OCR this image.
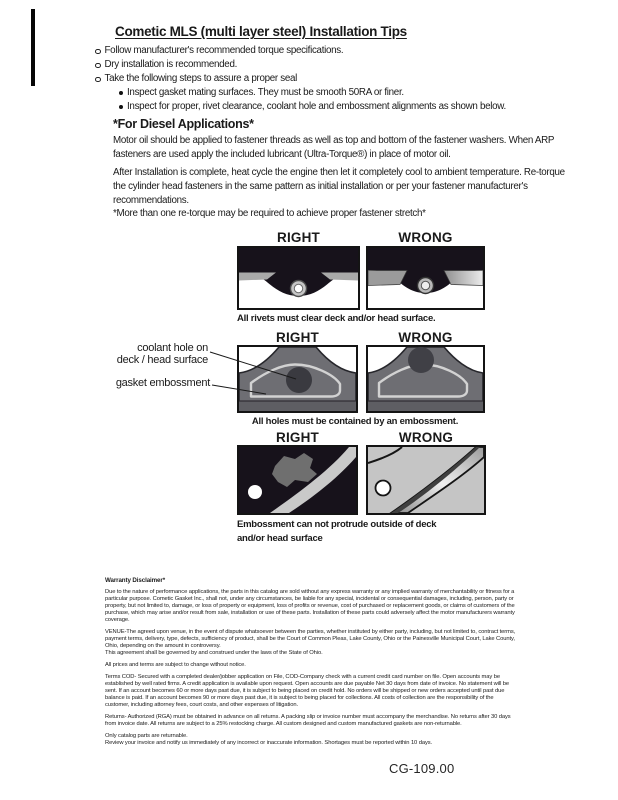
Cometic MLS (multi layer steel) Installation Tips
Follow manufacturer's recommended torque specifications.
Dry installation is recommended.
Take the following steps to assure a proper seal
Inspect gasket mating surfaces. They must be smooth 50RA or finer.
Inspect for proper, rivet clearance, coolant hole and embossment alignments as shown below.
*For Diesel Applications*

Motor oil should be applied to fastener threads as well as top and bottom of the fastener washers. When ARP fasteners are used apply the included lubricant (Ultra-Torque®) in place of motor oil.

After Installation is complete, heat cycle the engine then let it completely cool to ambient temperature. Re-torque the cylinder head fasteners in the same pattern as initial installation or per your fastener manufacturer's recommendations.

*More than one re-torque may be required to achieve proper fastener stretch*

RIGHT	WRONG
All rivets must clear deck and/or head surface.
RIGHT	WRONG
coolant hole on
deck / head surface
gasket embossment
All holes must be contained by an embossment.
RIGHT	WRONG
Embossment can not protrude outside of deck and/or head surface

Warranty Disclaimer*

Due to the nature of performance applications, the parts in this catalog are sold without any express warranty or any implied warranty of merchantability or fitness for a particular purpose. Cometic Gasket Inc., shall not, under any circumstances, be liable for any special, incidental or consequential damages, including, person, party or property, but not limited to, damage, or loss of property or equipment, loss of profits or revenue, cost of purchased or replacement goods, or claims of customers of the purchase, which may arise and/or result from sale, installation or use of these parts. Installation of these parts could adversely affect the motor manufacturers warranty coverage.

VENUE-The agreed upon venue, in the event of dispute whatsoever between the parties, whether instituted by either party, including, but not limited to, contract terms, payment terms, delivery, type, defects, sufficiency of product, shall be the Court of Common Pleas, Lake County, Ohio or the Painesville Municipal Court, Lake County, Ohio, depending on the amount in controversy.

This agreement shall be governed by and construed under the laws of the State of Ohio.

All prices and terms are subject to change without notice.

Terms COD- Secured with a completed dealer/jobber application on File, COD-Company check with a current credit card number on file. Open accounts may be established by well rated firms. A credit application is available upon request. Open accounts are due payable Net 30 days from date of invoice. No statement will be sent. If an account becomes 60 or more days past due, it is subject to being placed on credit hold. No orders will be shipped or new orders accepted until past due balance is paid. If an account becomes 90 or more days past due, it is subject to being placed for collections. All costs of collection are the responsibility of the customer, including attorney fees, court costs, and other expenses of litigation.

Returns- Authorized (RGA) must be obtained in advance on all returns. A packing slip or invoice number must accompany the merchandise. No returns after 30 days from invoice date. All returns are subject to a 25% restocking charge. All custom designed and custom manufactured gaskets are non-returnable.

Only catalog parts are returnable.

Review your invoice and notify us immediately of any incorrect or inaccurate information. Shortages must be reported within 10 days.

CG-109.00
